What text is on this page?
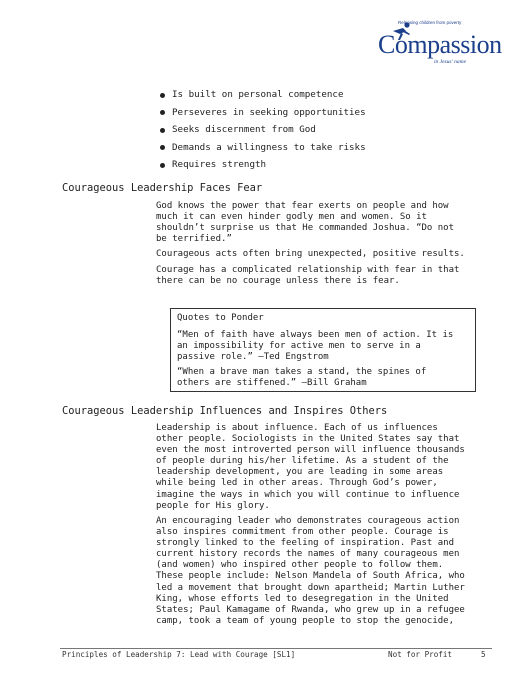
Releasing children from poverty
Compassion
in Jesus' name
Is built on personal competence
Perseveres in seeking opportunities
Seeks discernment from God
Demands a willingness to take risks
Requires strength
Courageous Leadership Faces Fear

God knows the power that fear exerts on people and how
much it can even hinder godly men and women. So it
shouldn’t surprise us that He commanded Joshua. “Do not
be terrified.”

Courageous acts often bring unexpected, positive results.

Courage has a complicated relationship with fear in that
there can be no courage unless there is fear.

Quotes to Ponder
“Men of faith have always been men of action. It is
an impossibility for active men to serve in a
passive role.” —Ted Engstrom
“When a brave man takes a stand, the spines of
others are stiffened.” —Bill Graham
Courageous Leadership Influences and Inspires Others

Leadership is about influence. Each of us influences
other people. Sociologists in the United States say that
even the most introverted person will influence thousands
of people during his/her lifetime. As a student of the
leadership development, you are leading in some areas
while being led in other areas. Through God’s power,
imagine the ways in which you will continue to influence
people for His glory.

An encouraging leader who demonstrates courageous action
also inspires commitment from other people. Courage is
strongly linked to the feeling of inspiration. Past and
current history records the names of many courageous men
(and women) who inspired other people to follow them.
These people include: Nelson Mandela of South Africa, who
led a movement that brought down apartheid; Martin Luther
King, whose efforts led to desegregation in the United
States; Paul Kamagame of Rwanda, who grew up in a refugee
camp, took a team of young people to stop the genocide,

Principles of Leadership 7: Lead with Courage [SL1]	Not for Profit	5
